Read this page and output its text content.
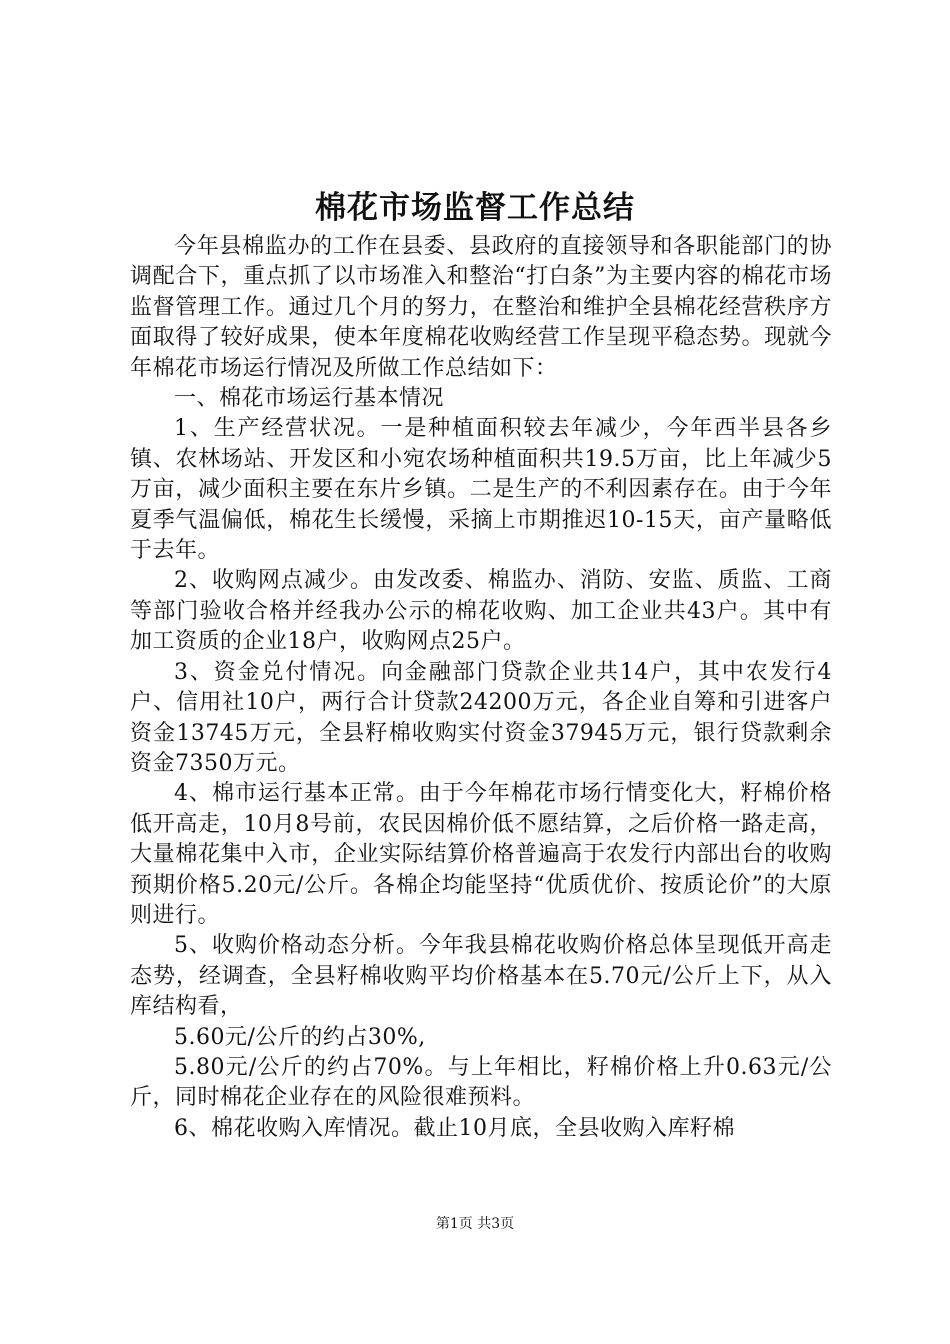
棉花市场监督工作总结

今年县棉监办的工作在县委、县政府的直接领导和各职能部门的协调配合下，重点抓了以市场准入和整治“打白条”为主要内容的棉花市场监督管理工作。通过几个月的努力，在整治和维护全县棉花经营秩序方面取得了较好成果，使本年度棉花收购经营工作呈现平稳态势。现就今年棉花市场运行情况及所做工作总结如下：

一、棉花市场运行基本情况

1、生产经营状况。一是种植面积较去年减少，今年西半县各乡镇、农林场站、开发区和小宛农场种植面积共19.5万亩，比上年减少5万亩，减少面积主要在东片乡镇。二是生产的不利因素存在。由于今年夏季气温偏低，棉花生长缓慢，采摘上市期推迟10-15天，亩产量略低于去年。

2、收购网点减少。由发改委、棉监办、消防、安监、质监、工商等部门验收合格并经我办公示的棉花收购、加工企业共43户。其中有加工资质的企业18户，收购网点25户。

3、资金兑付情况。向金融部门贷款企业共14户，其中农发行4户、信用社10户，两行合计贷款24200万元，各企业自筹和引进客户资金13745万元，全县籽棉收购实付资金37945万元，银行贷款剩余资金7350万元。

4、棉市运行基本正常。由于今年棉花市场行情变化大，籽棉价格低开高走，10月8号前，农民因棉价低不愿结算，之后价格一路走高，大量棉花集中入市，企业实际结算价格普遍高于农发行内部出台的收购预期价格5.20元/公斤。各棉企均能坚持“优质优价、按质论价”的大原则进行。

5、收购价格动态分析。今年我县棉花收购价格总体呈现低开高走态势，经调查，全县籽棉收购平均价格基本在5.70元/公斤上下，从入库结构看，

5.60元/公斤的约占30%,

5.80元/公斤的约占70%。与上年相比，籽棉价格上升0.63元/公斤，同时棉花企业存在的风险很难预料。

6、棉花收购入库情况。截止10月底，全县收购入库籽棉

第1页 共3页
